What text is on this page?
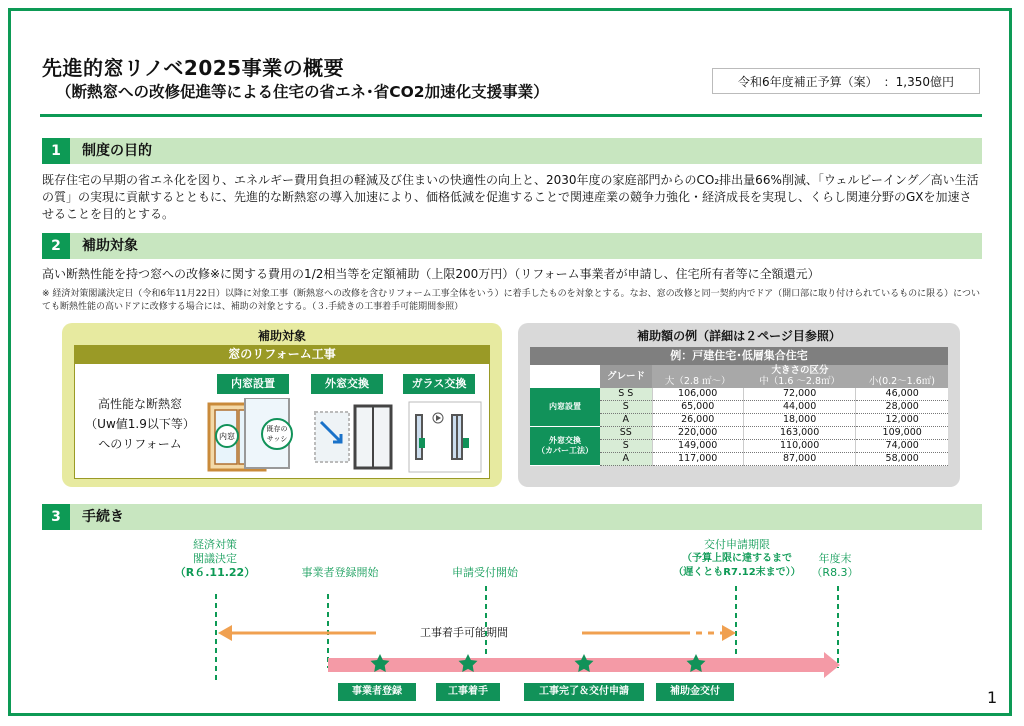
先進的窓リノベ2025事業の概要
（断熱窓への改修促進等による住宅の省エネ･省CO2加速化支援事業）
令和6年度補正予算（案）　：1,350億円
1	制度の目的
既存住宅の早期の省エネ化を図り、エネルギー費用負担の軽減及び住まいの快適性の向上と、2030年度の家庭部門からのCO₂排出量66%削減、「ウェルビーイング／高い生活の質」の実現に貢献するとともに、先進的な断熱窓の導入加速により、価格低減を促進することで関連産業の競争力強化・経済成長を実現し、くらし関連分野のGXを加速させることを目的とする。
2	補助対象
高い断熱性能を持つ窓への改修※に関する費用の1/2相当等を定額補助（上限200万円）（リフォーム事業者が申請し、住宅所有者等に全額還元）
※ 経済対策閣議決定日（令和6年11月22日）以降に対象工事（断熱窓への改修を含むリフォーム工事全体をいう）に着手したものを対象とする。なお、窓の改修と同一契約内でドア（開口部に取り付けられているものに限る）についても断熱性能の高いドアに改修する場合には、補助の対象とする。（３.手続きの工事着手可能期間参照）
補助対象
窓のリフォーム工事
高性能な断熱窓
（Uw値1.9以下等）
へのリフォーム
内窓設置	外窓交換	ガラス交換
内窓
既存の
サッシ
補助額の例（詳細は２ページ目参照）
例：戸建住宅･低層集合住宅				
	グレード	大きさの区分		
		大（2.8 ㎡～）	中（1.6 ～2.8㎡）	小(0.2～1.6㎡)

内窓設置	S S	106,000	72,000	46,000
	S	65,000	44,000	28,000
	A	26,000	18,000	12,000

外窓交換
（カバー工法）	SS	220,000	163,000	109,000
	S	149,000	110,000	74,000
	A	117,000	87,000	58,000
3	手続き
経済対策
閣議決定
（R６.11.22）	事業者登録開始	申請受付開始
交付申請期限
（予算上限に達するまで
（遅くともR7.12末まで））
年度末
（R8.3）
工事着手可能期間
事業者登録	工事着手	工事完了＆交付申請	補助金交付	1
